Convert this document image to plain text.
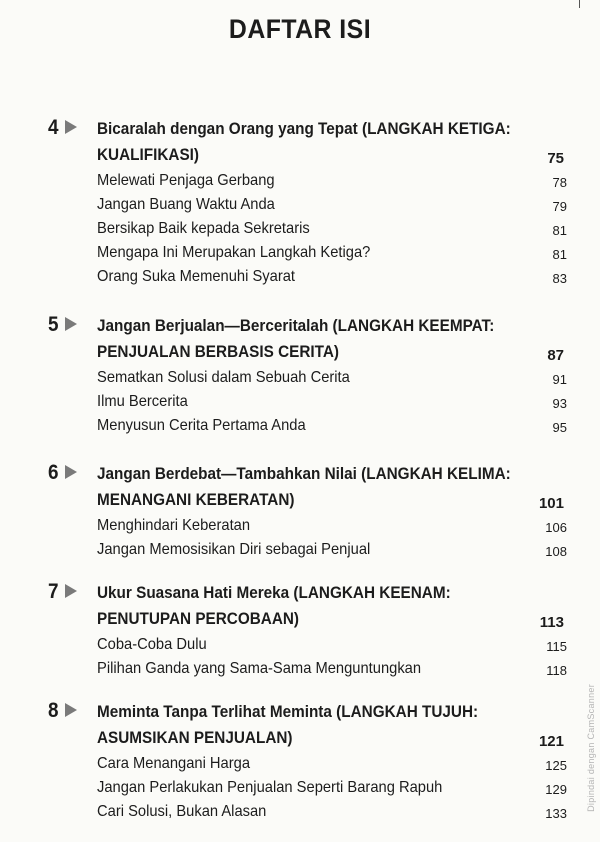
DAFTAR ISI
4 Bicaralah dengan Orang yang Tepat (LANGKAH KETIGA:
KUALIFIKASI)	75
Melewati Penjaga Gerbang	78
Jangan Buang Waktu Anda	79
Bersikap Baik kepada Sekretaris	81
Mengapa Ini Merupakan Langkah Ketiga?	81
Orang Suka Memenuhi Syarat	83
5 Jangan Berjualan—Berceritalah (LANGKAH KEEMPAT:
PENJUALAN BERBASIS CERITA)	87
Sematkan Solusi dalam Sebuah Cerita	91
Ilmu Bercerita	93
Menyusun Cerita Pertama Anda	95
6 Jangan Berdebat—Tambahkan Nilai (LANGKAH KELIMA:
MENANGANI KEBERATAN)	101
Menghindari Keberatan	106
Jangan Memosisikan Diri sebagai Penjual	108
7 Ukur Suasana Hati Mereka (LANGKAH KEENAM:
PENUTUPAN PERCOBAAN)	113
Coba-Coba Dulu	115
Pilihan Ganda yang Sama-Sama Menguntungkan	118
8 Meminta Tanpa Terlihat Meminta (LANGKAH TUJUH:
ASUMSIKAN PENJUALAN)	121
Cara Menangani Harga	125
Jangan Perlakukan Penjualan Seperti Barang Rapuh	129
Cari Solusi, Bukan Alasan	133
Dipindai dengan CamScanner
